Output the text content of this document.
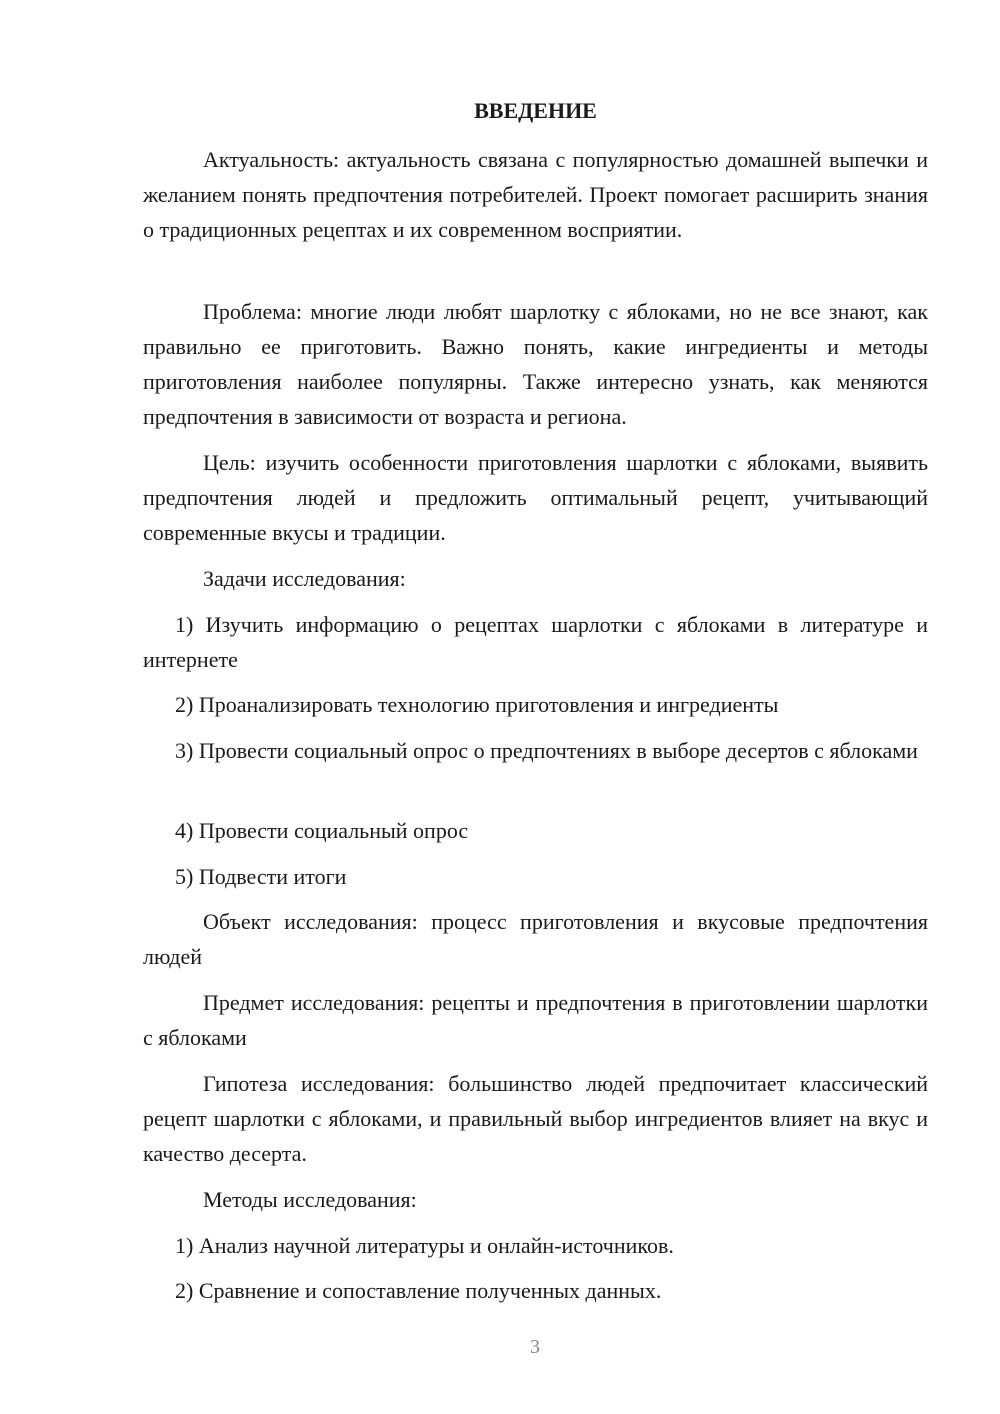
ВВЕДЕНИЕ

Актуальность: актуальность связана с популярностью домашней выпечки и желанием понять предпочтения потребителей. Проект помогает расширить знания о традиционных рецептах и их современном восприятии.

Проблема: многие люди любят шарлотку с яблоками, но не все знают, как правильно ее приготовить. Важно понять, какие ингредиенты и методы приготовления наиболее популярны. Также интересно узнать, как меняются предпочтения в зависимости от возраста и региона.

Цель: изучить особенности приготовления шарлотки с яблоками, выявить предпочтения людей и предложить оптимальный рецепт, учитывающий современные вкусы и традиции.

Задачи исследования:

1) Изучить информацию о рецептах шарлотки с яблоками в литературе и интернете

2) Проанализировать технологию приготовления и ингредиенты

3) Провести социальный опрос о предпочтениях в выборе десертов с яблоками

4) Провести социальный опрос

5) Подвести итоги

Объект исследования: процесс приготовления и вкусовые предпочтения людей

Предмет исследования: рецепты и предпочтения в приготовлении шарлотки с яблоками

Гипотеза исследования: большинство людей предпочитает классический рецепт шарлотки с яблоками, и правильный выбор ингредиентов влияет на вкус и качество десерта.

Методы исследования:

1) Анализ научной литературы и онлайн-источников.

2) Сравнение и сопоставление полученных данных.

3
